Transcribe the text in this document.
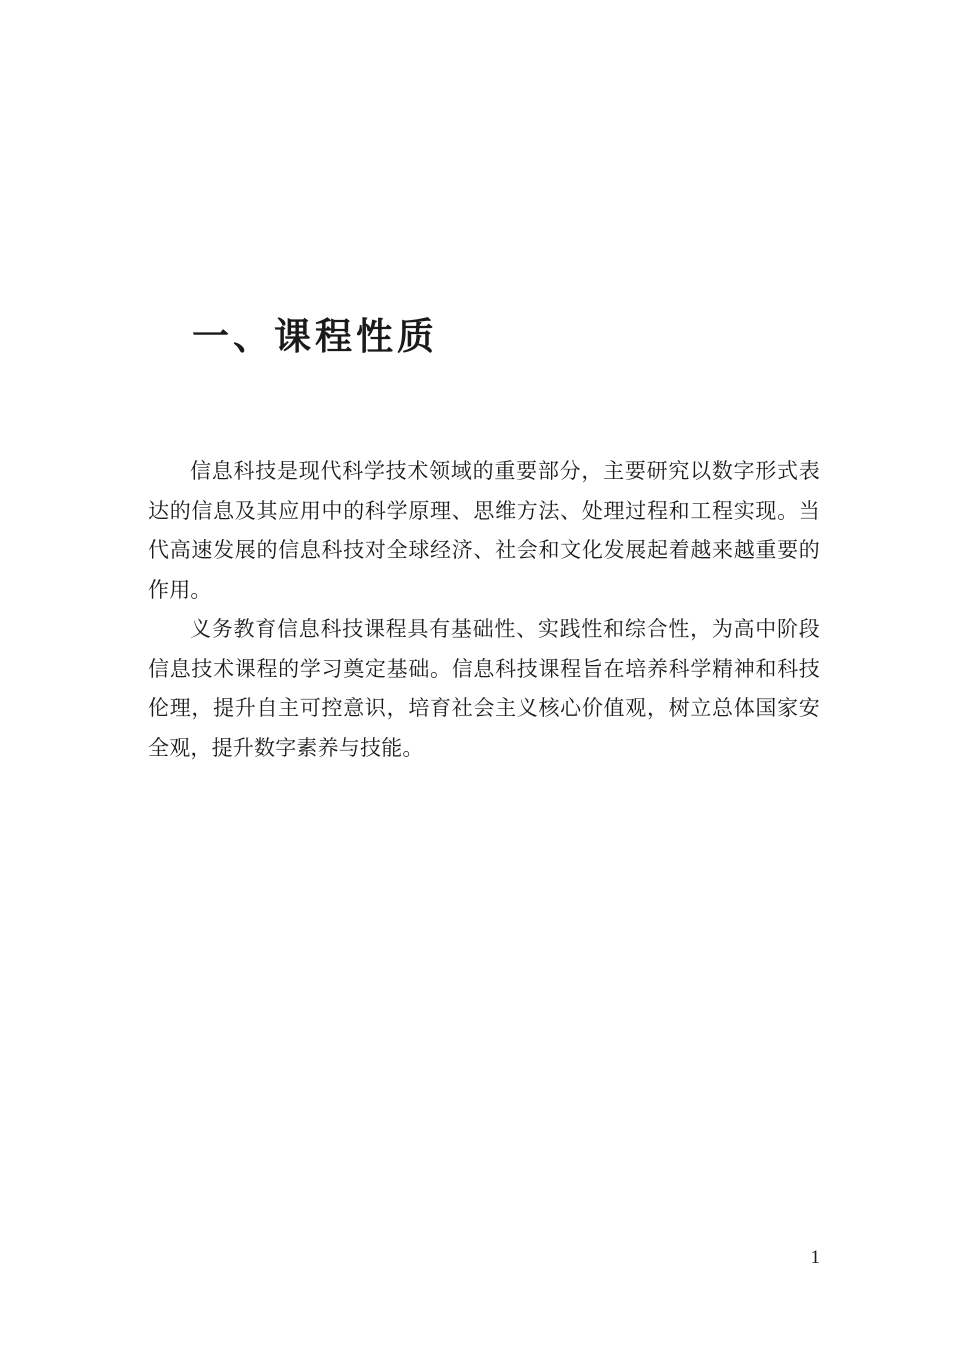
一、课程性质

信息科技是现代科学技术领域的重要部分，主要研究以数字形式表达的信息及其应用中的科学原理、思维方法、处理过程和工程实现。当代高速发展的信息科技对全球经济、社会和文化发展起着越来越重要的作用。

义务教育信息科技课程具有基础性、实践性和综合性，为高中阶段信息技术课程的学习奠定基础。信息科技课程旨在培养科学精神和科技伦理，提升自主可控意识，培育社会主义核心价值观，树立总体国家安全观，提升数字素养与技能。

1
